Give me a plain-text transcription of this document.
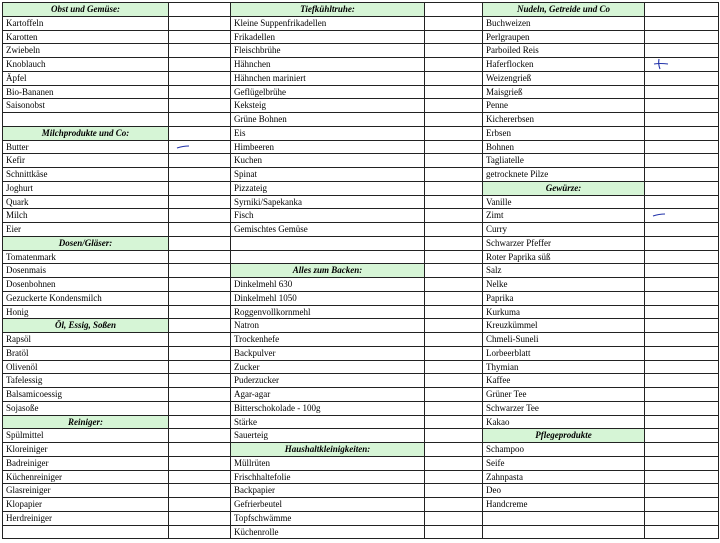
Obst und Gemüse:	
Kartoffeln	
Karotten	
Zwiebeln	
Knoblauch	
Äpfel	
Bio-Bananen	
Saisonobst	

Milchprodukte und Co:	
Butter	

Kefir	
Schnittkäse	
Joghurt	
Quark	
Milch	
Eier	
Dosen/Gläser:	
Tomatenmark	
Dosenmais	
Dosenbohnen	
Gezuckerte Kondensmilch	
Honig	
Öl, Essig, Soßen	
Rapsöl	
Bratöl	
Olivenöl	
Tafelessig	
Balsamicoessig	
Sojasoße	
Reiniger:	
Spülmittel	
Kloreiniger	
Badreiniger	
Küchenreiniger	
Glasreiniger	
Klopapier	
Herdreiniger	

Tiefkühltruhe:	
Kleine Suppenfrikadellen	
Frikadellen	
Fleischbrühe	
Hähnchen	
Hähnchen mariniert	
Geflügelbrühe	
Keksteig	
Grüne Bohnen	
Eis	
Himbeeren	
Kuchen	
Spinat	
Pizzateig	
Syrniki/Sapekanka	
Fisch	
Gemischtes Gemüse	

Alles zum Backen:	
Dinkelmehl 630	
Dinkelmehl 1050	
Roggenvollkornmehl	
Natron	
Trockenhefe	
Backpulver	
Zucker	
Puderzucker	
Agar-agar	
Bitterschokolade - 100g	
Stärke	
Sauerteig	
Haushaltkleinigkeiten:	
Müllrüten	
Frischhaltefolie	
Backpapier	
Gefrierbeutel	
Topfschwämme	
Küchenrolle	
Nudeln, Getreide und Co	
Buchweizen	
Perlgraupen	
Parboiled Reis	
Haferflocken	

Weizengrieß	
Maisgrieß	
Penne	
Kichererbsen	
Erbsen	
Bohnen	
Tagliatelle	
getrocknete Pilze	
Gewürze:	
Vanille	
Zimt	

Curry	
Schwarzer Pfeffer	
Roter Paprika süß	
Salz	
Nelke	
Paprika	
Kurkuma	
Kreuzkümmel	
Chmeli-Suneli	
Lorbeerblatt	
Thymian	
Kaffee	
Grüner Tee	
Schwarzer Tee	
Kakao	
Pflegeprodukte	
Schampoo	
Seife	
Zahnpasta	
Deo	
Handcreme	
